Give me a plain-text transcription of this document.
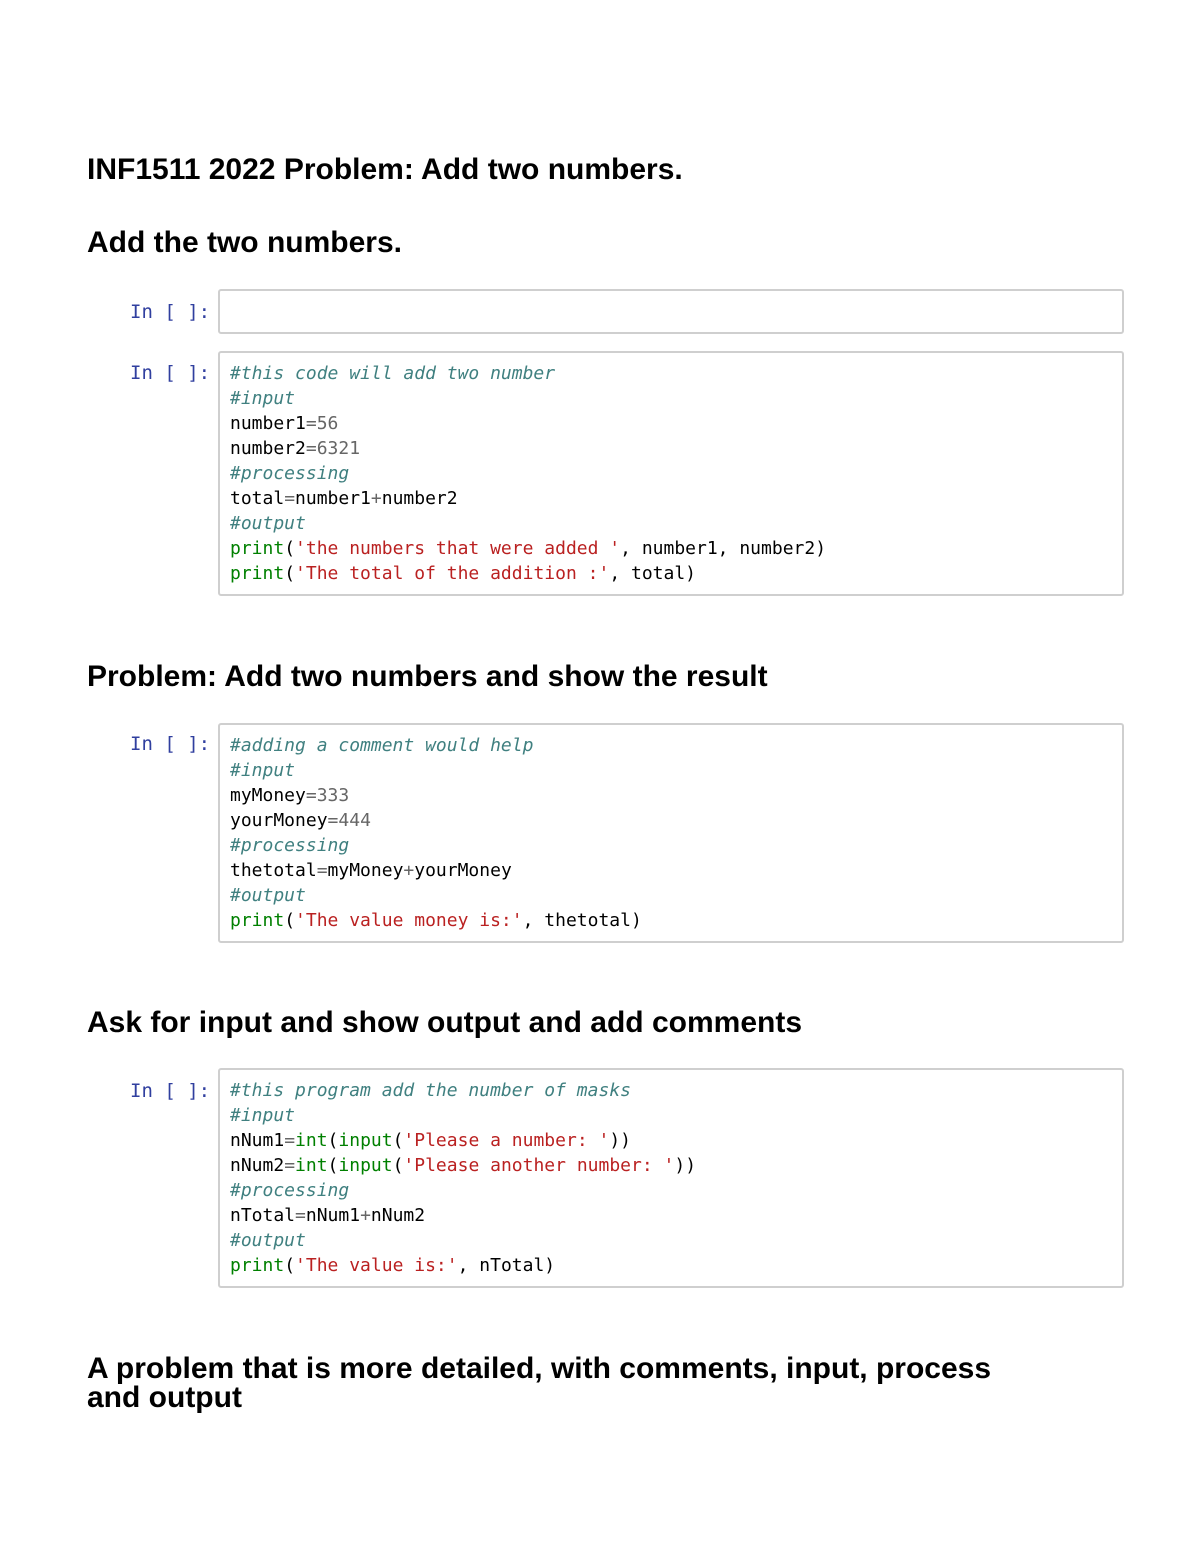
INF1511 2022 Problem: Add two numbers.
Add the two numbers.
In [ ]:
In [ ]: #this code will add two number
#input
number1=56
number2=6321
#processing
total=number1+number2
#output
print('the numbers that were added ', number1, number2)
print('The total of the addition :', total)
Problem: Add two numbers and show the result
In [ ]: #adding a comment would help
#input
myMoney=333
yourMoney=444
#processing
thetotal=myMoney+yourMoney
#output
print('The value money is:', thetotal)
Ask for input and show output and add comments
In [ ]: #this program add the number of masks
#input
nNum1=int(input('Please a number: '))
nNum2=int(input('Please another number: '))
#processing
nTotal=nNum1+nNum2
#output
print('The value is:', nTotal)
A problem that is more detailed, with comments, input, process
and output
